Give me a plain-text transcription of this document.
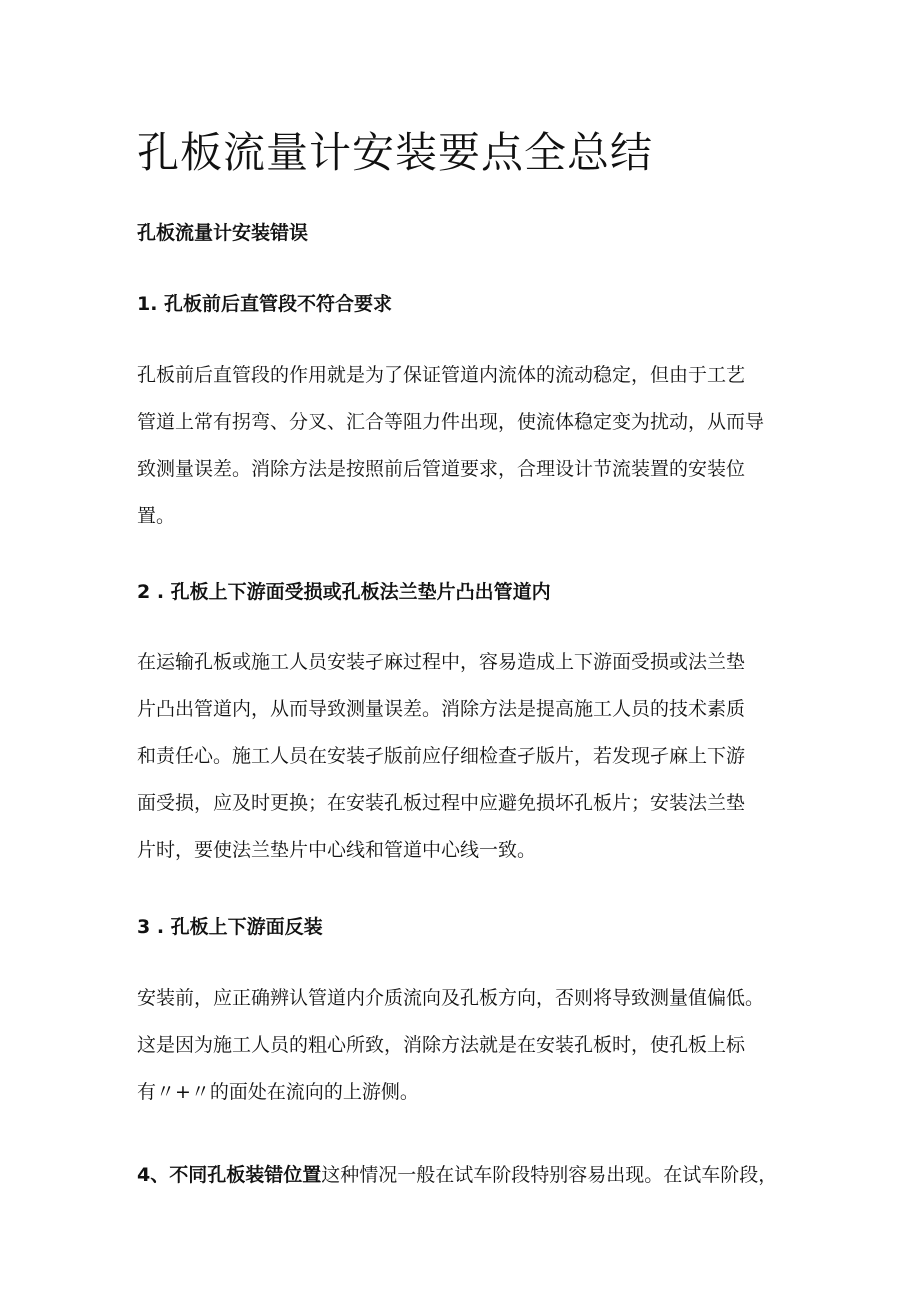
孔板流量计安装要点全总结
孔板流量计安装错误
1. 孔板前后直管段不符合要求

孔板前后直管段的作用就是为了保证管道内流体的流动稳定，但由于工艺
管道上常有拐弯、分叉、汇合等阻力件出现，使流体稳定变为扰动，从而导
致测量误差。消除方法是按照前后管道要求，合理设计节流装置的安装位
置。

2 . 孔板上下游面受损或孔板法兰垫片凸出管道内

在运输孔板或施工人员安装孑麻过程中，容易造成上下游面受损或法兰垫
片凸出管道内，从而导致测量误差。消除方法是提高施工人员的技术素质
和责任心。施工人员在安装孑版前应仔细检查孑版片，若发现孑麻上下游
面受损，应及时更换；在安装孔板过程中应避免损坏孔板片；安装法兰垫
片时，要使法兰垫片中心线和管道中心线一致。

3 . 孔板上下游面反装

安装前，应正确辨认管道内介质流向及孔板方向，否则将导致测量值偏低。
这是因为施工人员的粗心所致，消除方法就是在安装孔板时，使孔板上标
有〃+〃的面处在流向的上游侧。

4、不同孔板装错位置这种情况一般在试车阶段特别容易出现。在试车阶段，
